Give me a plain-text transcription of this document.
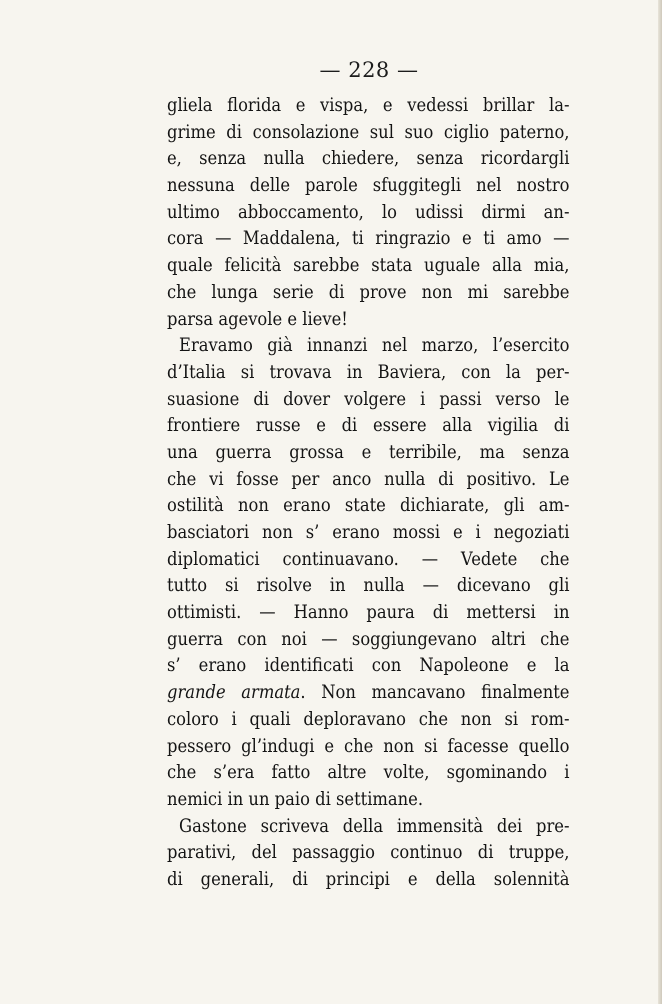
— 228 —
gliela florida e vispa, e vedessi brillar la-
grime di consolazione sul suo ciglio paterno,
e, senza nulla chiedere, senza ricordargli
nessuna delle parole sfuggitegli nel nostro
ultimo abboccamento, lo udissi dirmi an-
cora — Maddalena, ti ringrazio e ti amo —
quale felicità sarebbe stata uguale alla mia,
che lunga serie di prove non mi sarebbe
parsa agevole e lieve!
Eravamo già innanzi nel marzo, l’esercito
d’Italia si trovava in Baviera, con la per-
suasione di dover volgere i passi verso le
frontiere russe e di essere alla vigilia di
una guerra grossa e terribile, ma senza
che vi fosse per anco nulla di positivo. Le
ostilità non erano state dichiarate, gli am-
basciatori non s’ erano mossi e i negoziati
diplomatici continuavano. — Vedete che
tutto si risolve in nulla — dicevano gli
ottimisti. — Hanno paura di mettersi in
guerra con noi — soggiungevano altri che
s’ erano identificati con Napoleone e la
grande armata. Non mancavano finalmente
coloro i quali deploravano che non si rom-
pessero gl’indugi e che non si facesse quello
che s’era fatto altre volte, sgominando i
nemici in un paio di settimane.
Gastone scriveva della immensità dei pre-
parativi, del passaggio continuo di truppe,
di generali, di principi e della solennità
